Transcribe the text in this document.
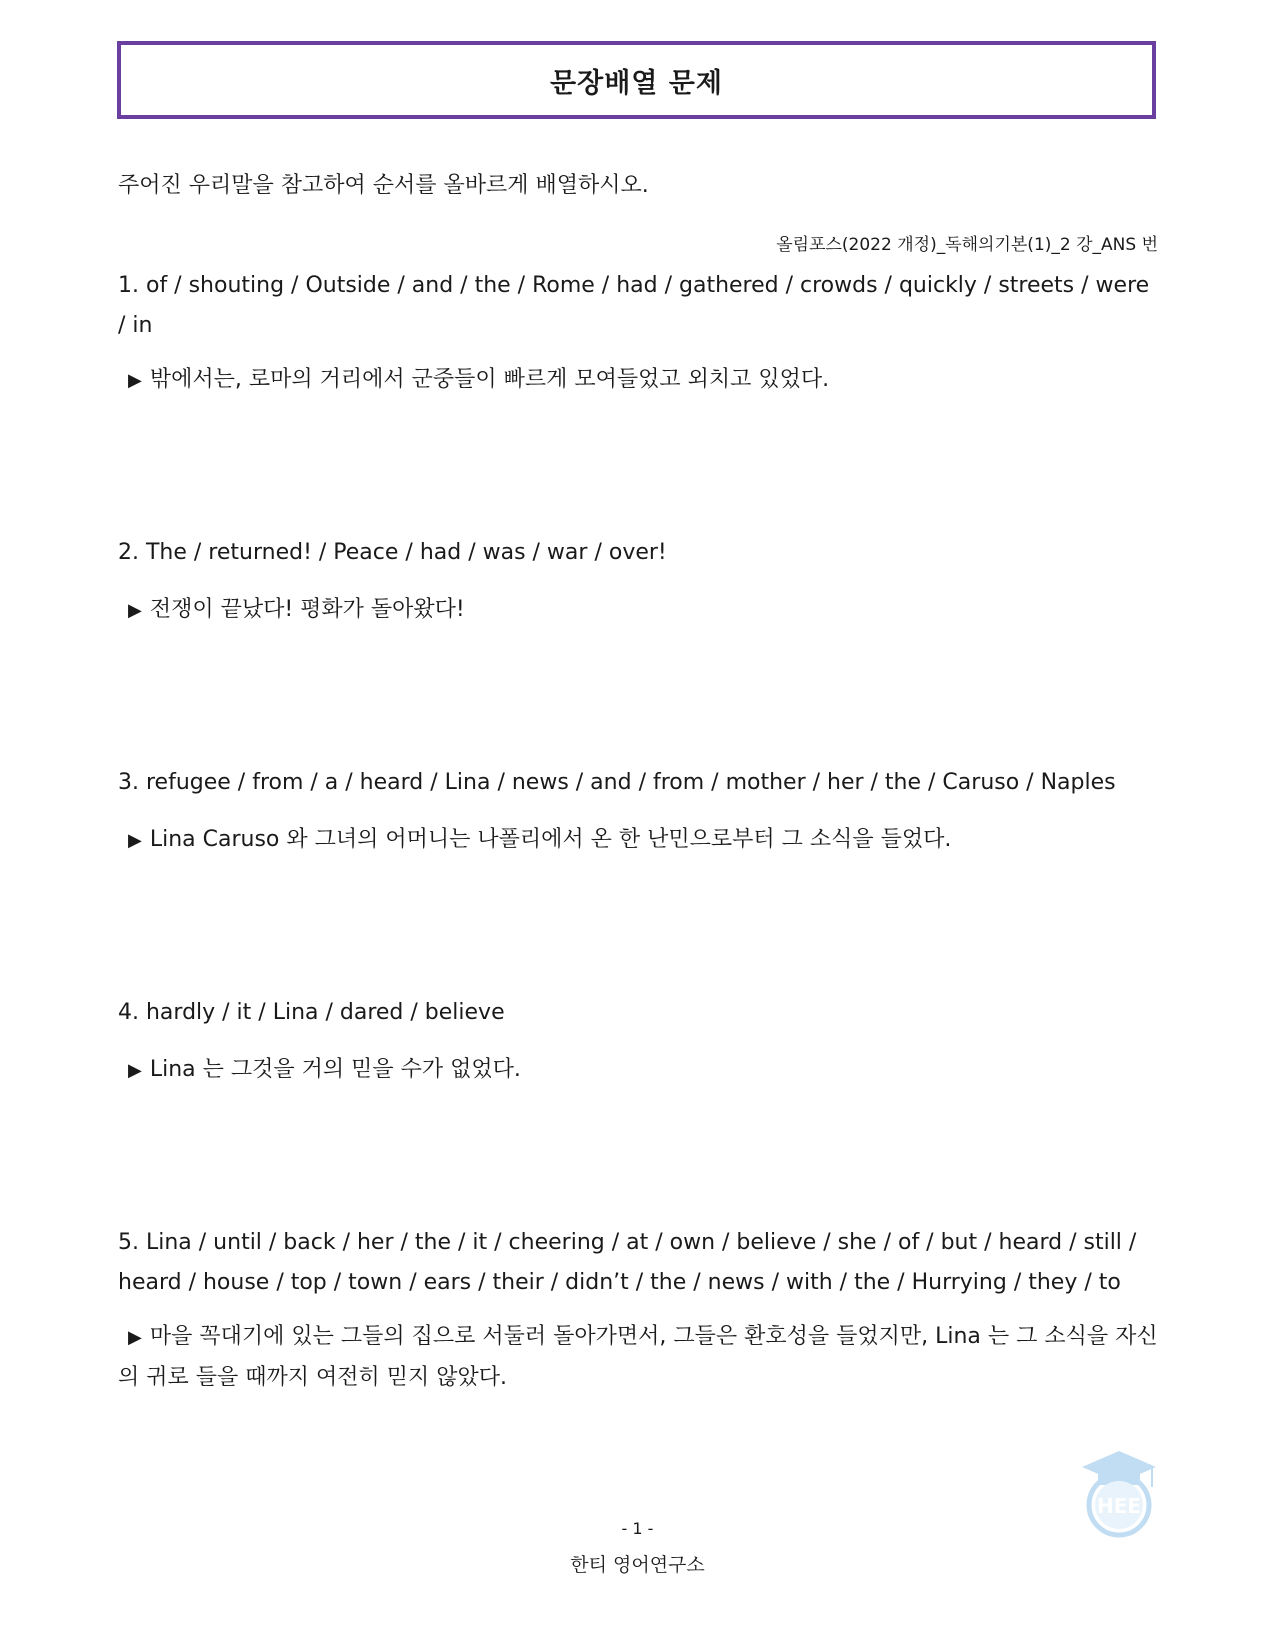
문장배열 문제
주어진 우리말을 참고하여 순서를 올바르게 배열하시오.
올림포스(2022 개정)_독해의기본(1)_2 강_ANS 번

1. of / shouting / Outside / and / the / Rome / had / gathered / crowds / quickly / streets / were / in

▶ 밖에서는, 로마의 거리에서 군중들이 빠르게 모여들었고 외치고 있었다.

2. The / returned! / Peace / had / was / war / over!

▶ 전쟁이 끝났다! 평화가 돌아왔다!

3. refugee / from / a / heard / Lina / news / and / from / mother / her / the / Caruso / Naples

▶ Lina Caruso 와 그녀의 어머니는 나폴리에서 온 한 난민으로부터 그 소식을 들었다.

4. hardly / it / Lina / dared / believe

▶ Lina 는 그것을 거의 믿을 수가 없었다.

5. Lina / until / back / her / the / it / cheering / at / own / believe / she / of / but / heard / still / heard / house / top / town / ears / their / didn’t / the / news / with / the / Hurrying / they / to

▶ 마을 꼭대기에 있는 그들의 집으로 서둘러 돌아가면서, 그들은 환호성을 들었지만, Lina 는 그 소식을 자신의 귀로 들을 때까지 여전히 믿지 않았다.

HEE
- 1 -
한티 영어연구소
